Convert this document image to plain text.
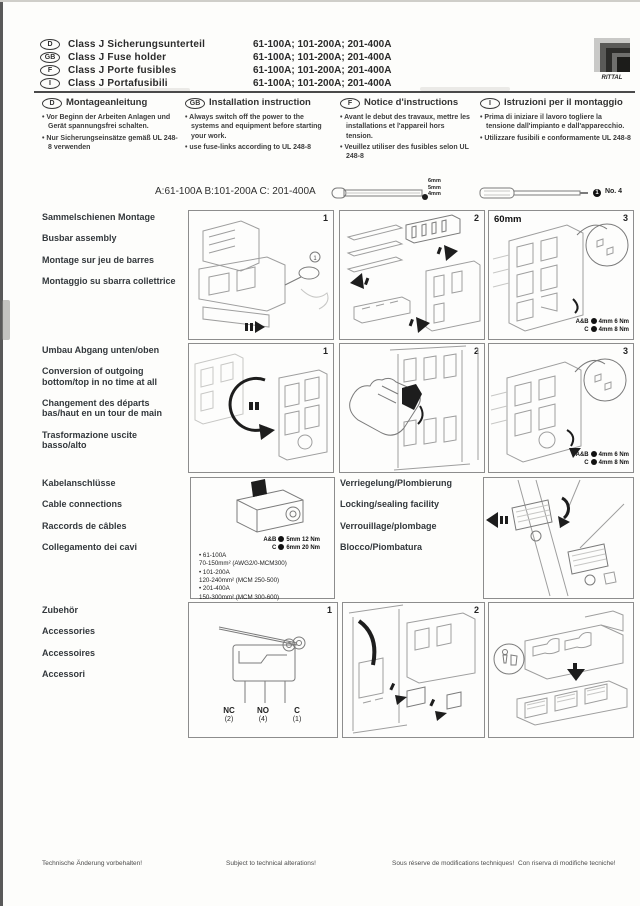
D	Class J Sicherungsunterteil	61-100A; 101-200A; 201-400A
GB	Class J Fuse holder	61-100A; 101-200A; 201-400A
F	Class J Porte fusibles	61-100A; 101-200A; 201-400A
I	Class J Portafusibili	61-100A; 101-200A; 201-400A	RITTAL
D	Montageanleitung
• Vor Beginn der Arbeiten Anlagen und Gerät spannungsfrei schalten.
• Nur Sicherungseinsätze gemäß UL 248-8 verwenden
GB Installation instruction
• Always switch off the power to the systems and equipment before starting your work.
• use fuse-links according to UL 248-8
F	Notice d'instructions
• Avant le debut des travaux, mettre les installations et l'appareil hors tension.
• Veuillez utiliser des fusibles selon UL 248-8
I	Istruzioni per il montaggio
• Prima di iniziare il lavoro togliere la tensione dall'impianto e dall'apparecchio.
• Utilizzare fusibili e conformamente UL 248-8
A:61-100A B:101-200A C: 201-400A
6mm
5mm
4mm	1 No. 4
Sammelschienen Montage
Busbar assembly
Montage sur jeu de barres
Montaggio su sbarra collettrice
1
1
2 60mm	3
A&B 4mm 6 Nm
C 4mm 8 Nm
Umbau Abgang unten/oben
Conversion of outgoing bottom/top in no time at all
Changement des départs bas/haut en un tour de main
Trasformazione uscite basso/alto
1	2	3
A&B 4mm 6 Nm
C 4mm 8 Nm
Kabelanschlüsse
Cable connections
Raccords de câbles
Collegamento dei cavi
A&B 5mm 12 Nm
C 6mm 20 Nm
• 61-100A
70-150mm² (AWG2/0-MCM300)
• 101-200A
120-240mm² (MCM 250-500)
• 201-400A
150-300mm² (MCM 300-600)
Verriegelung/Plombierung
Locking/sealing facility
Verrouillage/plombage
Blocco/Piombatura
Zubehör
Accessories
Accessoires
Accessori
1
NC	NO	C
(2)	(4)	(1)
2
Technische Änderung vorbehalten!	Subject to technical alterations!	Sous réserve de modifications techniques! Con riserva di modifiche tecniche!
